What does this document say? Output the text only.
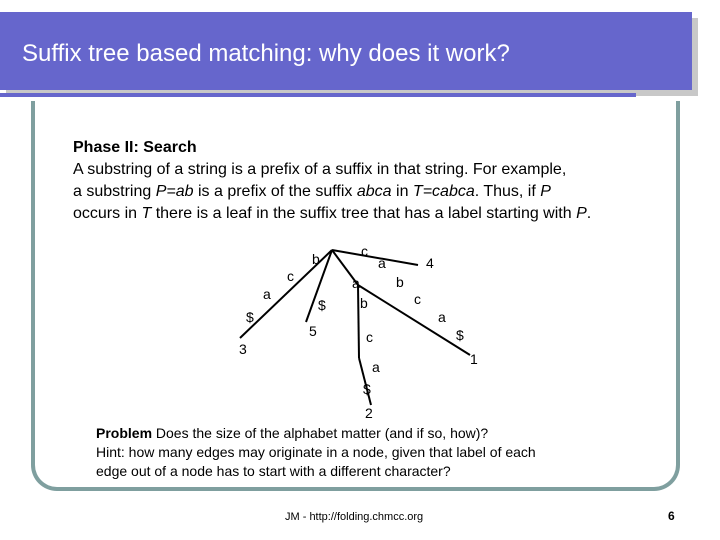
Suffix tree based matching: why does it work?
Phase II: Search
A substring of a string is a prefix of a suffix in that string. For example,
a substring P=ab is a prefix of the suffix abca in T=cabca. Thus, if P
occurs in T there is a leaf in the suffix tree that has a label starting with P.
b	c
a
c	a
$
$
a
b
c
b
a
c	$
a
$
3
5
4
1
2
Problem Does the size of the alphabet matter (and if so, how)?
Hint: how many edges may originate in a node, given that label of each
edge out of a node has to start with a different character?
JM - http://folding.chmcc.org	6
